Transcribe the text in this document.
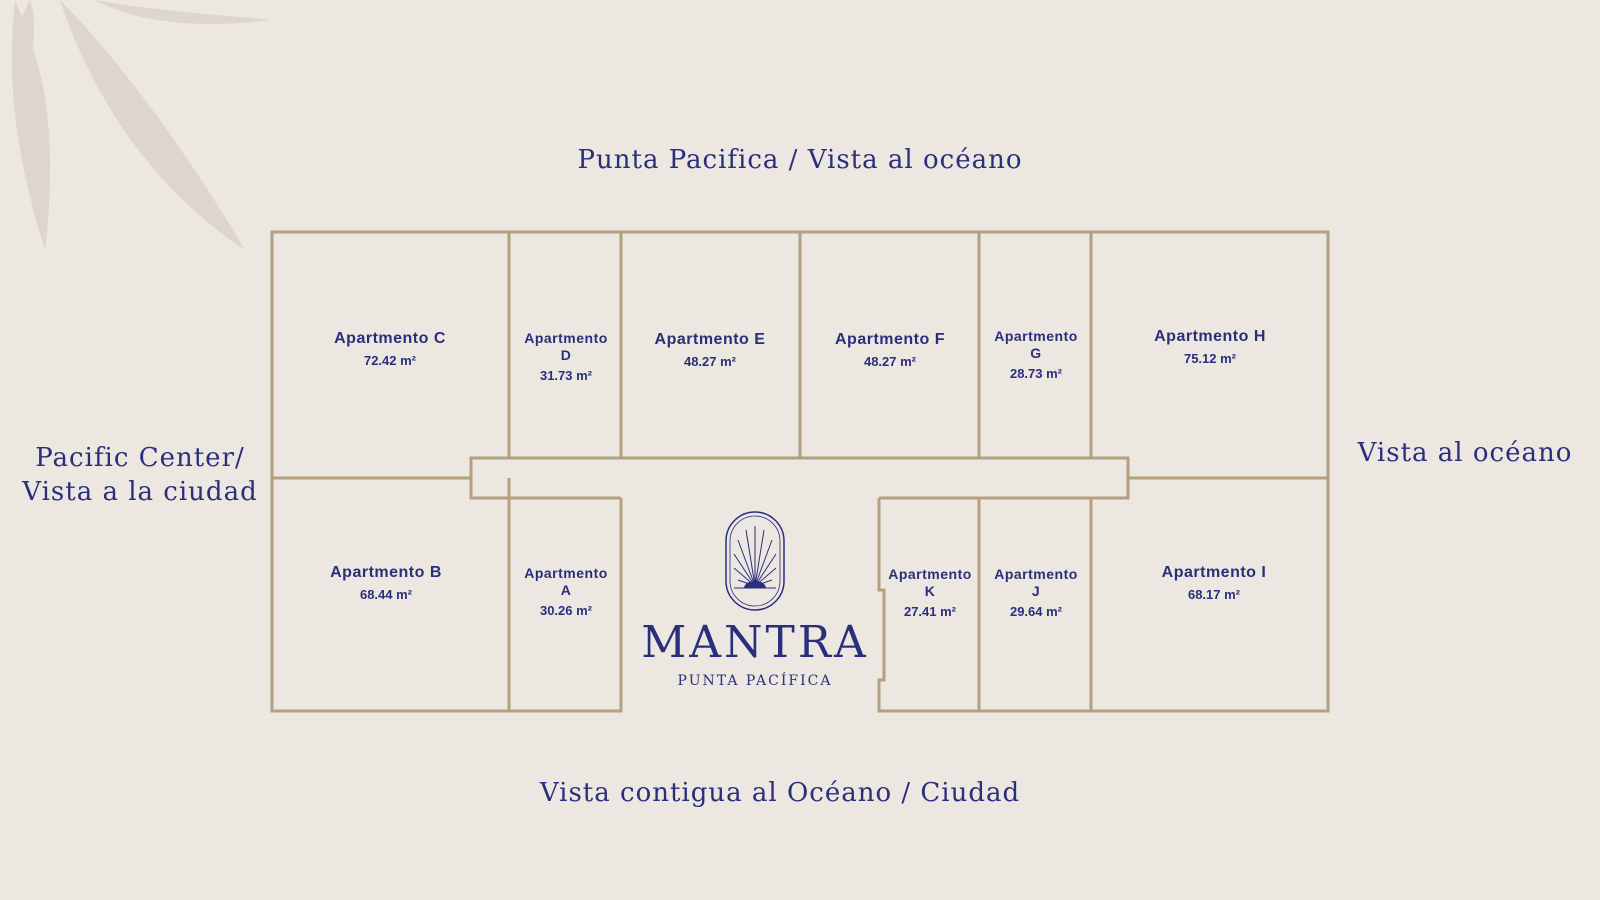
Punta Pacifica / Vista al océano
Vista contigua al Océano / Ciudad
Pacific Center/
Vista a la ciudad
Vista al océano
Apartmento C
72.42 m²
Apartmento
D
31.73 m²
Apartmento E
48.27 m²
Apartmento F
48.27 m²
Apartmento
G
28.73 m²
Apartmento H
75.12 m²
Apartmento B
68.44 m²
Apartmento
A
30.26 m²
Apartmento
K
27.41 m²
Apartmento
J
29.64 m²
Apartmento I
68.17 m²
MANTRA
PUNTA PACÍFICA
